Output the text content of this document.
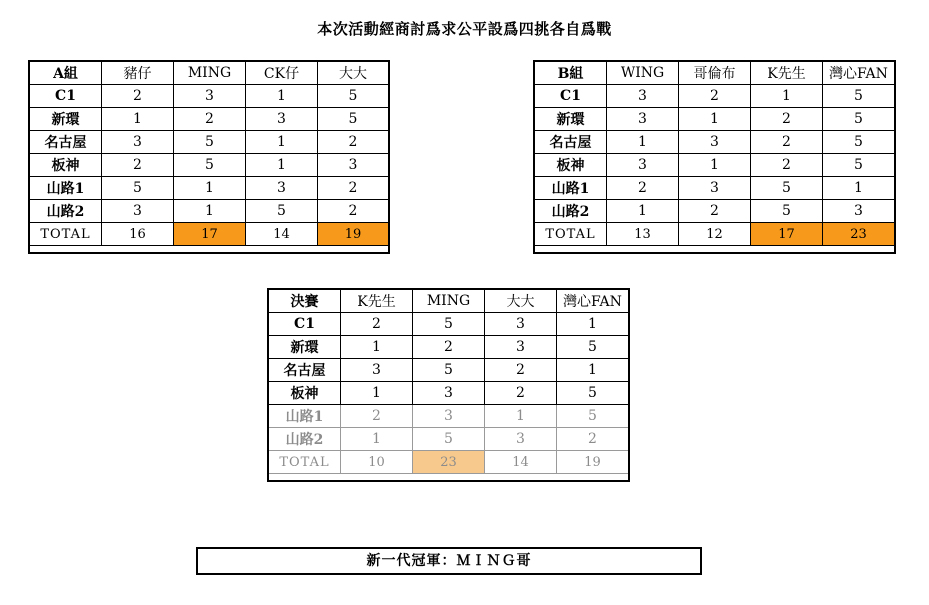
本次活動經商討爲求公平設爲四挑各自爲戰
A組	豬仔	MING	CK仔	大大
C1	2	3	1	5
新環	1	2	3	5
名古屋	3	5	1	2
板神	2	5	1	3
山路1	5	1	3	2
山路2	3	1	5	2
TOTAL	16	17	14	19
B組	WING	哥倫布	K先生	灣心FAN
C1	3	2	1	5
新環	3	1	2	5
名古屋	1	3	2	5
板神	3	1	2	5
山路1	2	3	5	1
山路2	1	2	5	3
TOTAL	13	12	17	23
決賽	K先生	MING	大大	灣心FAN
C1	2	5	3	1
新環	1	2	3	5
名古屋	3	5	2	1
板神	1	3	2	5
山路1	2	3	1	5
山路2	1	5	3	2
TOTAL	10	23	14	19
新一代冠軍：ＭＩＮＧ哥
